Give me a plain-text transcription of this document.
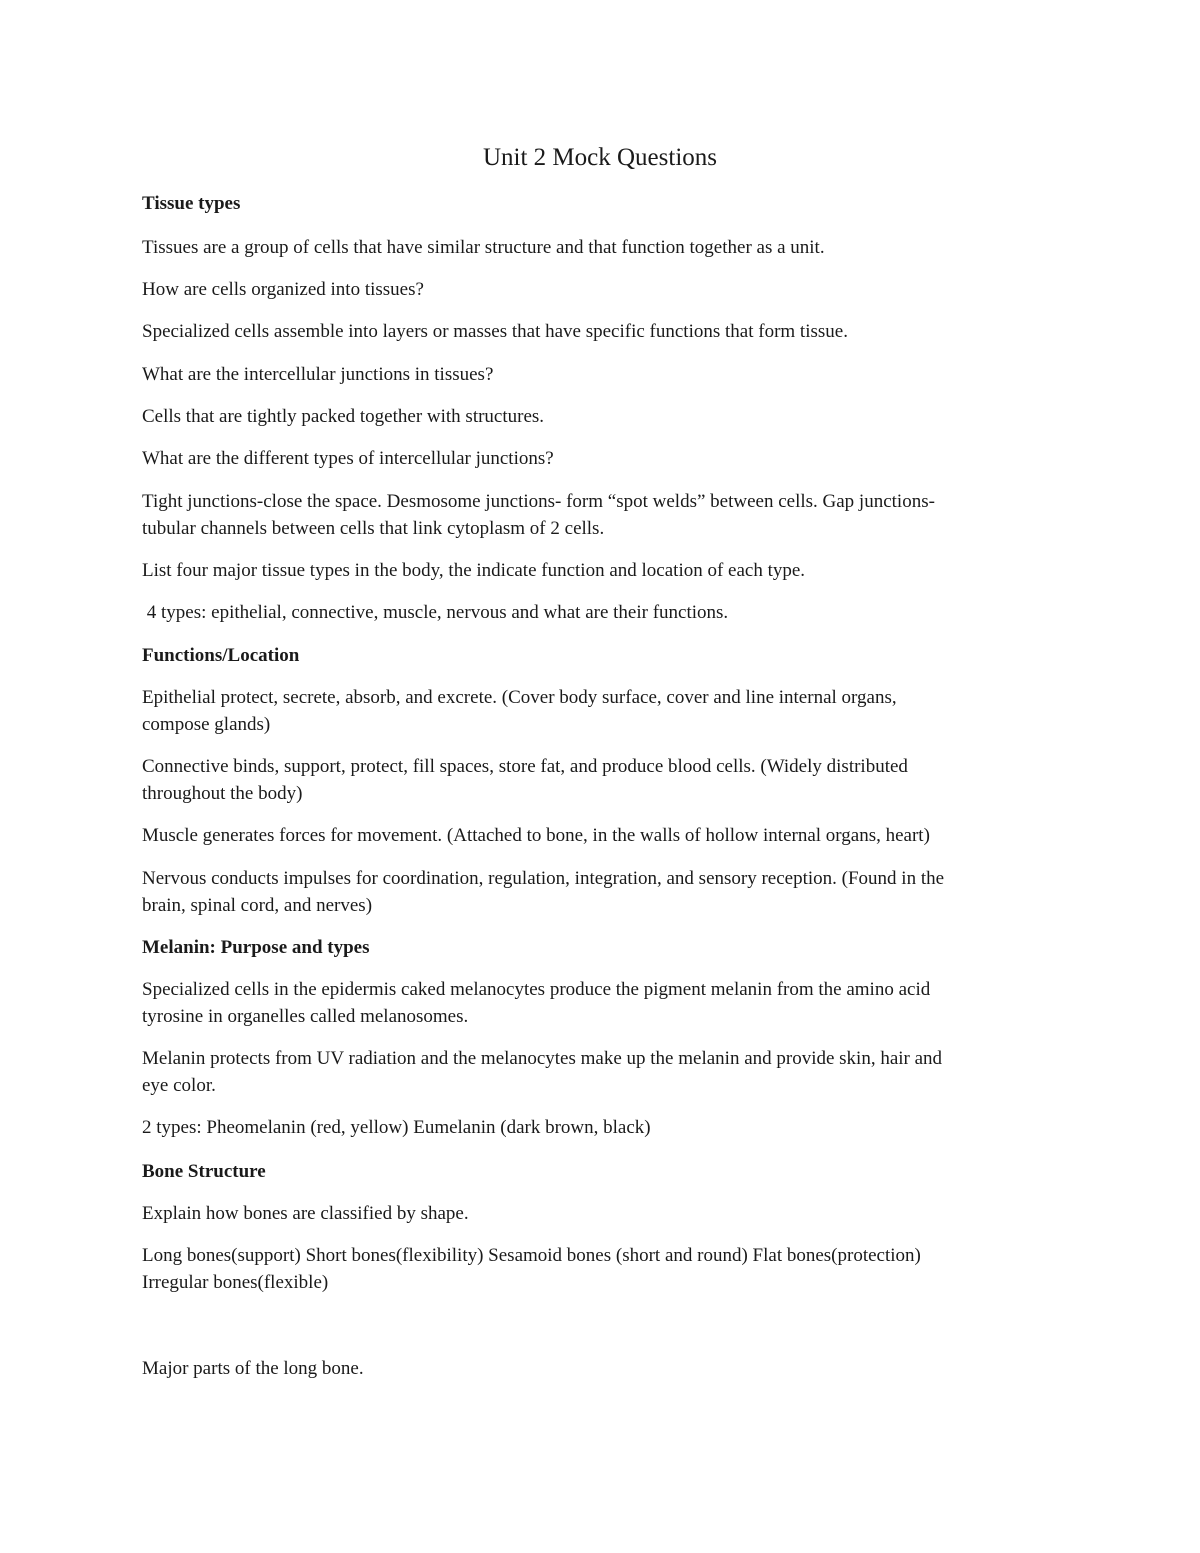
Unit 2 Mock Questions
Tissue types
Tissues are a group of cells that have similar structure and that function together as a unit.
How are cells organized into tissues?
Specialized cells assemble into layers or masses that have specific functions that form tissue.
What are the intercellular junctions in tissues?
Cells that are tightly packed together with structures.
What are the different types of intercellular junctions?
Tight junctions-close the space. Desmosome junctions- form “spot welds” between cells. Gap junctions-
tubular channels between cells that link cytoplasm of 2 cells.
List four major tissue types in the body, the indicate function and location of each type.
4 types: epithelial, connective, muscle, nervous and what are their functions.
Functions/Location
Epithelial protect, secrete, absorb, and excrete. (Cover body surface, cover and line internal organs,
compose glands)
Connective binds, support, protect, fill spaces, store fat, and produce blood cells. (Widely distributed
throughout the body)
Muscle generates forces for movement. (Attached to bone, in the walls of hollow internal organs, heart)
Nervous conducts impulses for coordination, regulation, integration, and sensory reception. (Found in the
brain, spinal cord, and nerves)
Melanin: Purpose and types
Specialized cells in the epidermis caked melanocytes produce the pigment melanin from the amino acid
tyrosine in organelles called melanosomes.
Melanin protects from UV radiation and the melanocytes make up the melanin and provide skin, hair and
eye color.
2 types: Pheomelanin (red, yellow) Eumelanin (dark brown, black)
Bone Structure
Explain how bones are classified by shape.
Long bones(support) Short bones(flexibility) Sesamoid bones (short and round) Flat bones(protection)
Irregular bones(flexible)
Major parts of the long bone.
